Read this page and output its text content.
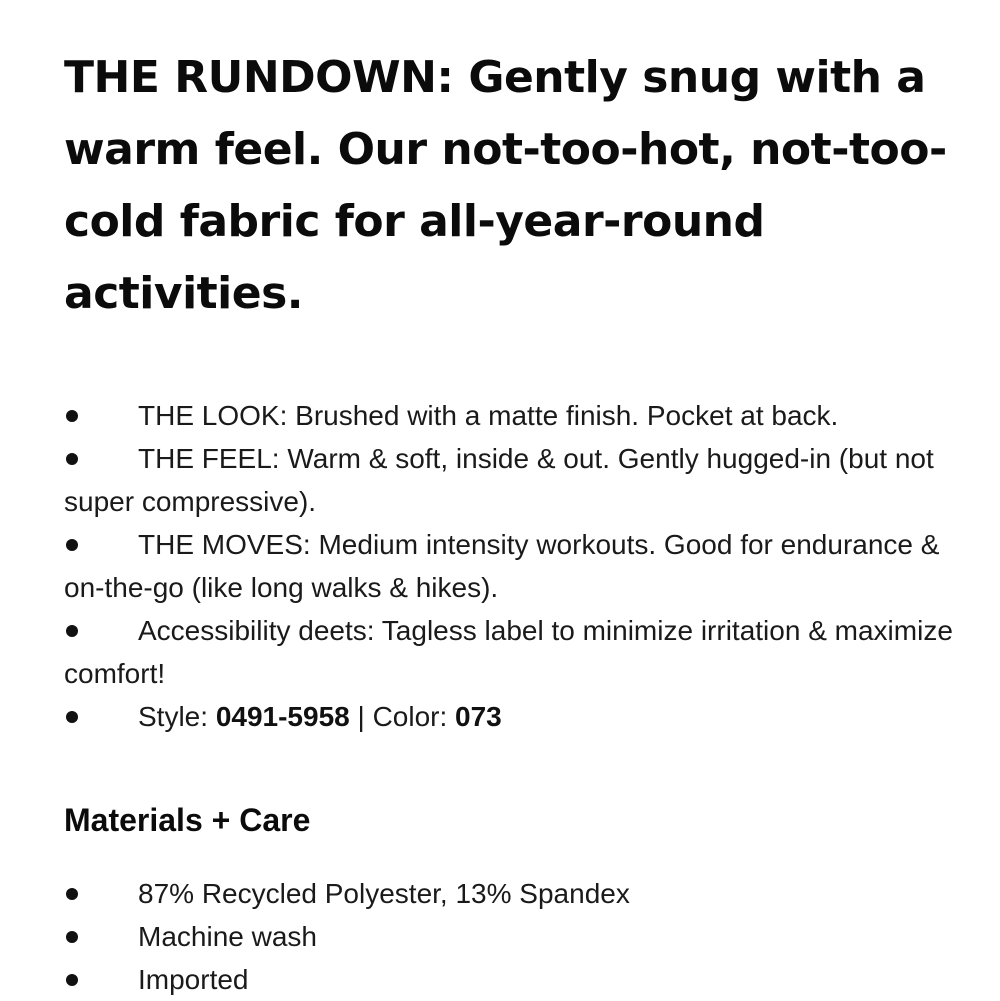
THE RUNDOWN: Gently snug with a warm feel. Our not-too-hot, not-too-cold fabric for all-year-round activities.
THE LOOK: Brushed with a matte finish. Pocket at back.
THE FEEL: Warm & soft, inside & out. Gently hugged-in (but not super compressive).
THE MOVES: Medium intensity workouts. Good for endurance & on-the-go (like long walks & hikes).
Accessibility deets: Tagless label to minimize irritation & maximize comfort!
Style: 0491-5958 | Color: 073
Materials + Care
87% Recycled Polyester, 13% Spandex
Machine wash
Imported
